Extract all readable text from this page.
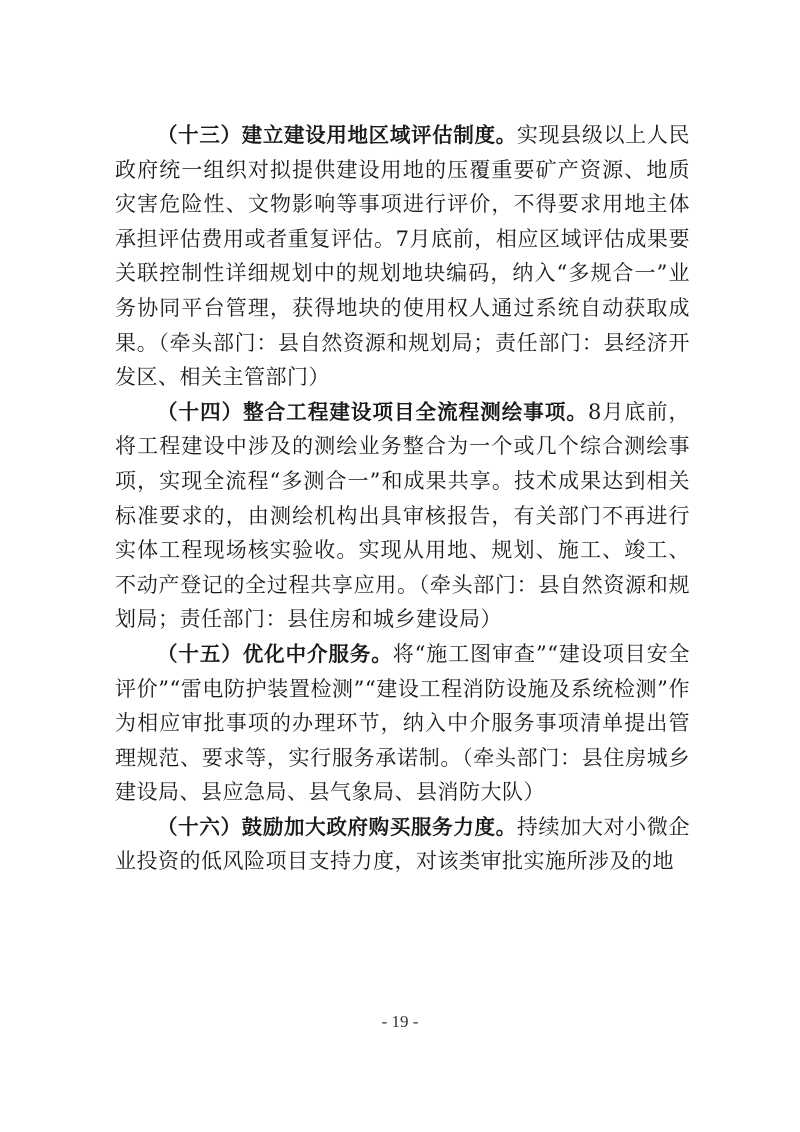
（十三）建立建设用地区域评估制度。实现县级以上人民政府统一组织对拟提供建设用地的压覆重要矿产资源、地质灾害危险性、文物影响等事项进行评价，不得要求用地主体承担评估费用或者重复评估。7月底前，相应区域评估成果要关联控制性详细规划中的规划地块编码，纳入“多规合一”业务协同平台管理，获得地块的使用权人通过系统自动获取成果。（牵头部门：县自然资源和规划局；责任部门：县经济开发区、相关主管部门）

（十四）整合工程建设项目全流程测绘事项。8月底前，将工程建设中涉及的测绘业务整合为一个或几个综合测绘事项，实现全流程“多测合一”和成果共享。技术成果达到相关标准要求的，由测绘机构出具审核报告，有关部门不再进行实体工程现场核实验收。实现从用地、规划、施工、竣工、不动产登记的全过程共享应用。（牵头部门：县自然资源和规划局；责任部门：县住房和城乡建设局）

（十五）优化中介服务。将“施工图审查”“建设项目安全评价”“雷电防护装置检测”“建设工程消防设施及系统检测”作为相应审批事项的办理环节，纳入中介服务事项清单提出管理规范、要求等，实行服务承诺制。（牵头部门：县住房城乡建设局、县应急局、县气象局、县消防大队）

（十六）鼓励加大政府购买服务力度。持续加大对小微企业投资的低风险项目支持力度，对该类审批实施所涉及的地

- 19 -
